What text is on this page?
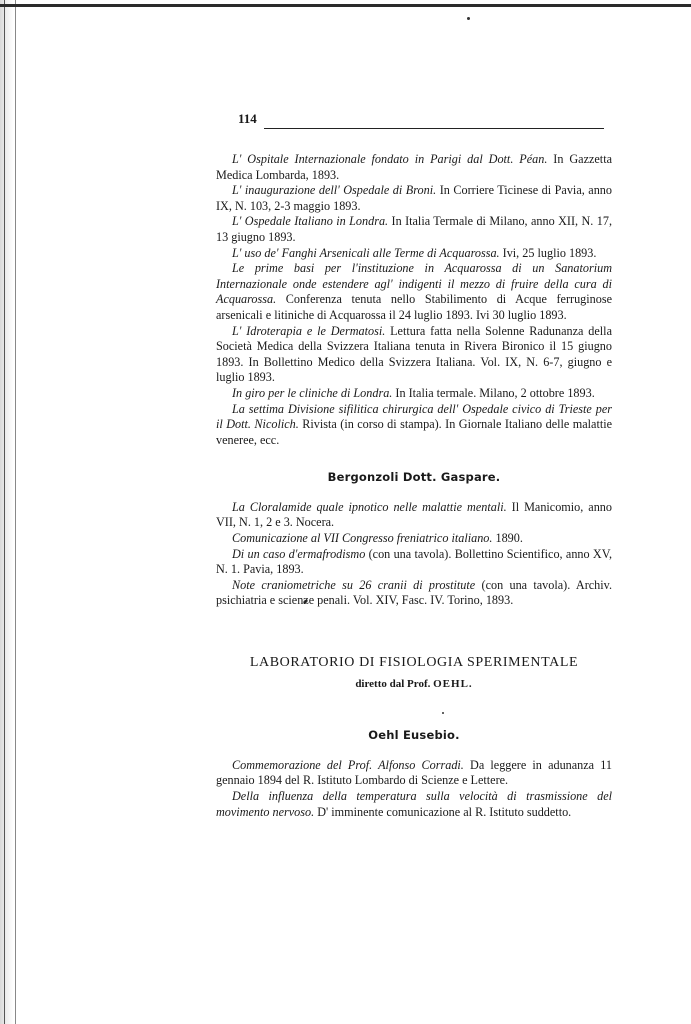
114
L' Ospitale Internazionale fondato in Parigi dal Dott. Péan. In Gazzetta Medica Lombarda, 1893.
L' inaugurazione dell' Ospedale di Broni. In Corriere Ticinese di Pavia, anno IX, N. 103, 2-3 maggio 1893.
L' Ospedale Italiano in Londra. In Italia Termale di Milano, anno XII, N. 17, 13 giugno 1893.
L' uso de' Fanghi Arsenicali alle Terme di Acquarossa. Ivi, 25 luglio 1893.
Le prime basi per l'instituzione in Acquarossa di un Sanatorium Internazionale onde estendere agl' indigenti il mezzo di fruire della cura di Acquarossa. Conferenza tenuta nello Stabilimento di Acque ferruginose arsenicali e litiniche di Acquarossa il 24 luglio 1893. Ivi 30 luglio 1893.
L' Idroterapia e le Dermatosi. Lettura fatta nella Solenne Radunanza della Società Medica della Svizzera Italiana tenuta in Rivera Bironico il 15 giugno 1893. In Bollettino Medico della Svizzera Italiana. Vol. IX, N. 6-7, giugno e luglio 1893.
In giro per le cliniche di Londra. In Italia termale. Milano, 2 ottobre 1893.
La settima Divisione sifilitica chirurgica dell' Ospedale civico di Trieste per il Dott. Nicolich. Rivista (in corso di stampa). In Giornale Italiano delle malattie veneree, ecc.
Bergonzoli Dott. Gaspare.
La Cloralamide quale ipnotico nelle malattie mentali. Il Manicomio, anno VII, N. 1, 2 e 3. Nocera.
Comunicazione al VII Congresso freniatrico italiano. 1890.
Di un caso d'ermafrodismo (con una tavola). Bollettino Scientifico, anno XV, N. 1. Pavia, 1893.
Note craniometriche su 26 cranii di prostitute (con una tavola). Archiv. psichiatria e scienze penali. Vol. XIV, Fasc. IV. Torino, 1893.
LABORATORIO DI FISIOLOGIA SPERIMENTALE
diretto dal Prof. OEHL.
Oehl Eusebio.
Commemorazione del Prof. Alfonso Corradi. Da leggere in adunanza 11 gennaio 1894 del R. Istituto Lombardo di Scienze e Lettere.
Della influenza della temperatura sulla velocità di trasmissione del movimento nervoso. D' imminente comunicazione al R. Istituto suddetto.
